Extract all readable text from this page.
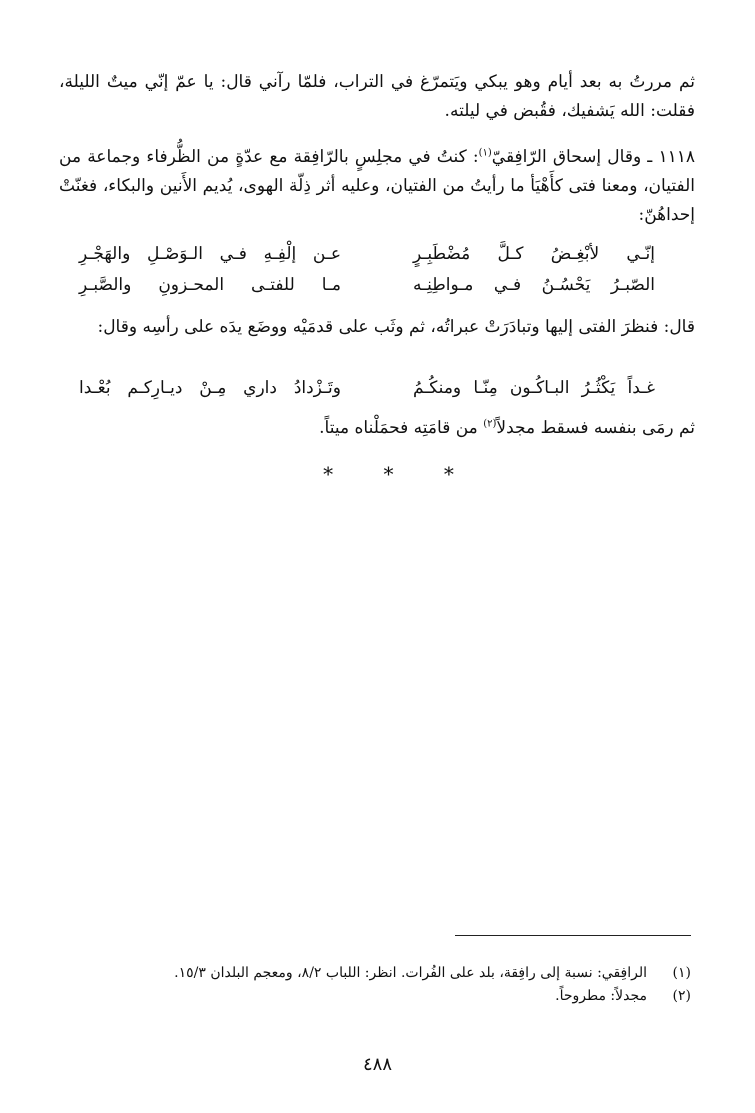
ثم مررتُ به بعد أيام وهو يبكي ويَتمرّغ في التراب، فلمّا رآني قال: يا عمّ إنّي ميتٌ الليلة، فقلت: الله يَشفيك، فقُبض في ليلته.

١١١٨ ـ وقال إسحاق الرّافِقيّ$^{(١)}$: كنتُ في مجلِسٍ بالرّافِقة مع عدّةٍ من الظُّرفاء وجماعة من الفتيان، ومعنا فتى كأَهْيَأ ما رأيتُ من الفتيان، وعليه أثر ذِلّة الهوى، يُديم الأَنين والبكاء، فغنّتْ إحداهُنّ:

إنّـي لأبْغِـضُ كـلَّ مُضْطَبِـرٍ
عـن إلْفِـهِ فـي الـوَصْـلِ والهَجْـرِ
الصّبـرُ يَحْسُـنُ فـي مـواطِنِـه
مـا للفتـى المحـزونِ والصَّبـرِ

قال: فنظرَ الفتى إليها وتبادَرَتْ عبراتُه، ثم وثَب على قدمَيْه ووضَع يدَه على رأسِه وقال:

غـداً يَكْثُـرُ البـاكُـون مِنّـا ومنكُـمُ
وتَـزْدادُ داري مِـنْ ديـارِكـم بُعْـدا

ثم رمَى بنفسه فسقط مجدلاً$^{(٢)}$ من قامَتِه فحمَلْناه ميتاً.

* * *
(١)الرافِقي: نسبة إلى رافِقة، بلد على الفُرات. انظر: اللباب ٨/٢، ومعجم البلدان ١٥/٣.
(٢)مجدلاً: مطروحاً.
٤٨٨
